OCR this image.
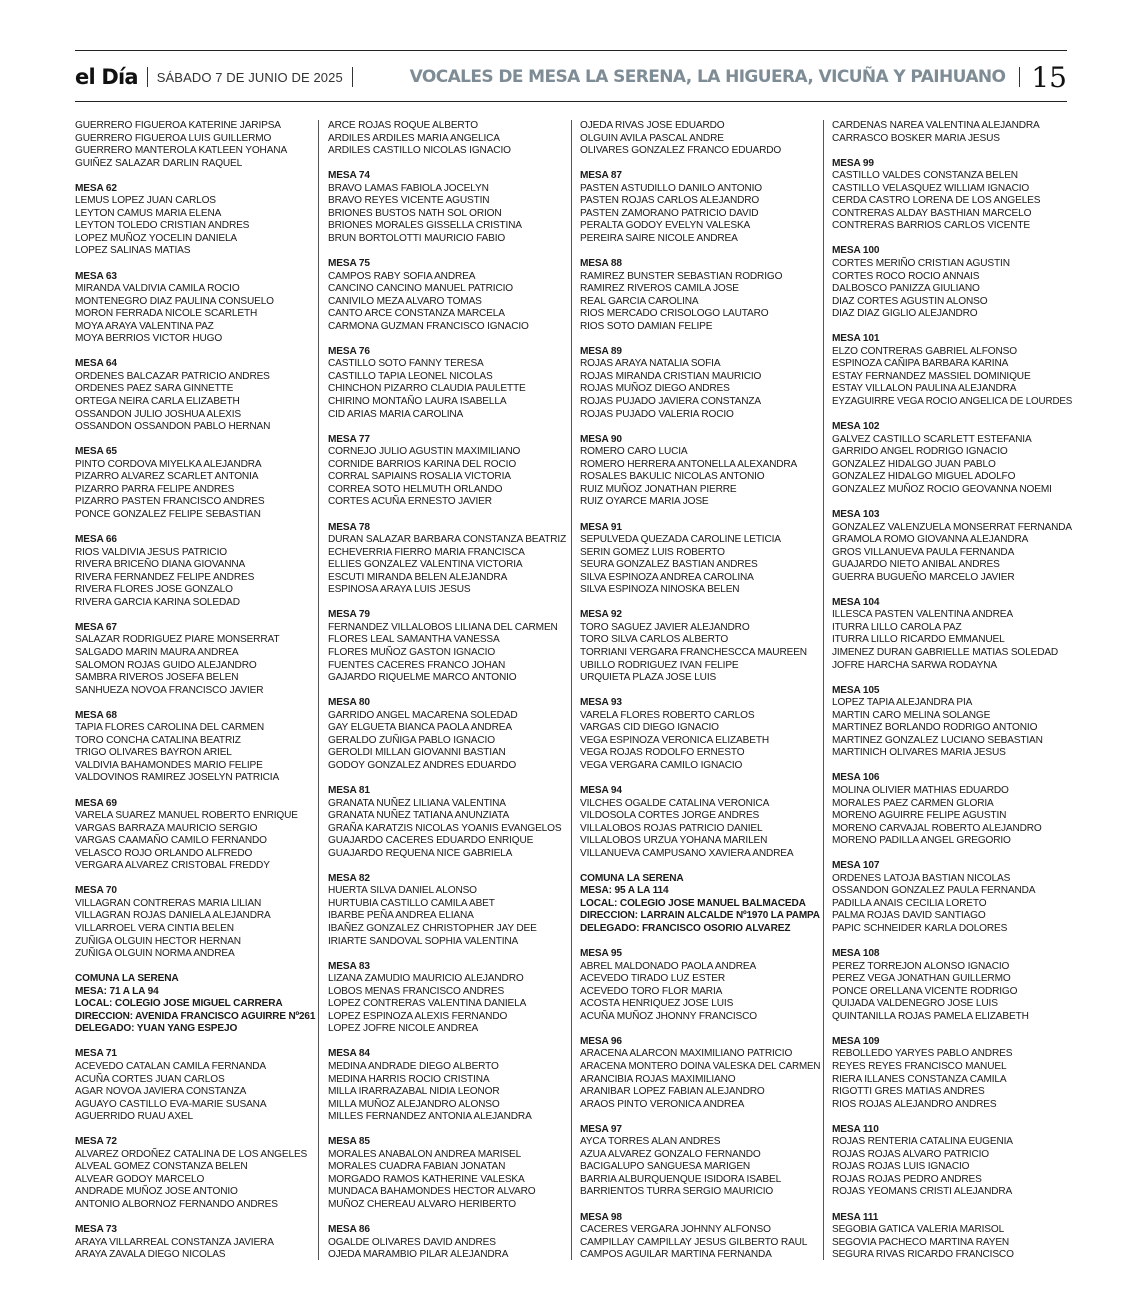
el Día SÁBADO 7 DE JUNIO DE 2025	VOCALES DE MESA LA SERENA, LA HIGUERA, VICUÑA Y PAIHUANO 15
GUERRERO FIGUEROA KATERINE JARIPSA
GUERRERO FIGUEROA LUIS GUILLERMO
GUERRERO MANTEROLA KATLEEN YOHANA
GUIÑEZ SALAZAR DARLIN RAQUEL
MESA 62
LEMUS LOPEZ JUAN CARLOS
LEYTON CAMUS MARIA ELENA
LEYTON TOLEDO CRISTIAN ANDRES
LOPEZ MUÑOZ YOCELIN DANIELA
LOPEZ SALINAS MATIAS
MESA 63
MIRANDA VALDIVIA CAMILA ROCIO
MONTENEGRO DIAZ PAULINA CONSUELO
MORON FERRADA NICOLE SCARLETH
MOYA ARAYA VALENTINA PAZ
MOYA BERRIOS VICTOR HUGO
MESA 64
ORDENES BALCAZAR PATRICIO ANDRES
ORDENES PAEZ SARA GINNETTE
ORTEGA NEIRA CARLA ELIZABETH
OSSANDON JULIO JOSHUA ALEXIS
OSSANDON OSSANDON PABLO HERNAN
MESA 65
PINTO CORDOVA MIYELKA ALEJANDRA
PIZARRO ALVAREZ SCARLET ANTONIA
PIZARRO PARRA FELIPE ANDRES
PIZARRO PASTEN FRANCISCO ANDRES
PONCE GONZALEZ FELIPE SEBASTIAN
MESA 66
RIOS VALDIVIA JESUS PATRICIO
RIVERA BRICEÑO DIANA GIOVANNA
RIVERA FERNANDEZ FELIPE ANDRES
RIVERA FLORES JOSE GONZALO
RIVERA GARCIA KARINA SOLEDAD
MESA 67
SALAZAR RODRIGUEZ PIARE MONSERRAT
SALGADO MARIN MAURA ANDREA
SALOMON ROJAS GUIDO ALEJANDRO
SAMBRA RIVEROS JOSEFA BELEN
SANHUEZA NOVOA FRANCISCO JAVIER
MESA 68
TAPIA FLORES CAROLINA DEL CARMEN
TORO CONCHA CATALINA BEATRIZ
TRIGO OLIVARES BAYRON ARIEL
VALDIVIA BAHAMONDES MARIO FELIPE
VALDOVINOS RAMIREZ JOSELYN PATRICIA
MESA 69
VARELA SUAREZ MANUEL ROBERTO ENRIQUE
VARGAS BARRAZA MAURICIO SERGIO
VARGAS CAAMAÑO CAMILO FERNANDO
VELASCO ROJO ORLANDO ALFREDO
VERGARA ALVAREZ CRISTOBAL FREDDY
MESA 70
VILLAGRAN CONTRERAS MARIA LILIAN
VILLAGRAN ROJAS DANIELA ALEJANDRA
VILLARROEL VERA CINTIA BELEN
ZUÑIGA OLGUIN HECTOR HERNAN
ZUÑIGA OLGUIN NORMA ANDREA
COMUNA LA SERENA
MESA: 71 A LA 94
LOCAL: COLEGIO JOSE MIGUEL CARRERA
DIRECCION: AVENIDA FRANCISCO AGUIRRE Nº261
DELEGADO: YUAN YANG ESPEJO
MESA 71
ACEVEDO CATALAN CAMILA FERNANDA
ACUÑA CORTES JUAN CARLOS
AGAR NOVOA JAVIERA CONSTANZA
AGUAYO CASTILLO EVA-MARIE SUSANA
AGUERRIDO RUAU AXEL
MESA 72
ALVAREZ ORDOÑEZ CATALINA DE LOS ANGELES
ALVEAL GOMEZ CONSTANZA BELEN
ALVEAR GODOY MARCELO
ANDRADE MUÑOZ JOSE ANTONIO
ANTONIO ALBORNOZ FERNANDO ANDRES
MESA 73
ARAYA VILLARREAL CONSTANZA JAVIERA
ARAYA ZAVALA DIEGO NICOLAS
ARCE ROJAS ROQUE ALBERTO
ARDILES ARDILES MARIA ANGELICA
ARDILES CASTILLO NICOLAS IGNACIO
MESA 74
BRAVO LAMAS FABIOLA JOCELYN
BRAVO REYES VICENTE AGUSTIN
BRIONES BUSTOS NATH SOL ORION
BRIONES MORALES GISSELLA CRISTINA
BRUN BORTOLOTTI MAURICIO FABIO
MESA 75
CAMPOS RABY SOFIA ANDREA
CANCINO CANCINO MANUEL PATRICIO
CANIVILO MEZA ALVARO TOMAS
CANTO ARCE CONSTANZA MARCELA
CARMONA GUZMAN FRANCISCO IGNACIO
MESA 76
CASTILLO SOTO FANNY TERESA
CASTILLO TAPIA LEONEL NICOLAS
CHINCHON PIZARRO CLAUDIA PAULETTE
CHIRINO MONTAÑO LAURA ISABELLA
CID ARIAS MARIA CAROLINA
MESA 77
CORNEJO JULIO AGUSTIN MAXIMILIANO
CORNIDE BARRIOS KARINA DEL ROCIO
CORRAL SAPIAINS ROSALIA VICTORIA
CORREA SOTO HELMUTH ORLANDO
CORTES ACUÑA ERNESTO JAVIER
MESA 78
DURAN SALAZAR BARBARA CONSTANZA BEATRIZ
ECHEVERRIA FIERRO MARIA FRANCISCA
ELLIES GONZALEZ VALENTINA VICTORIA
ESCUTI MIRANDA BELEN ALEJANDRA
ESPINOSA ARAYA LUIS JESUS
MESA 79
FERNANDEZ VILLALOBOS LILIANA DEL CARMEN
FLORES LEAL SAMANTHA VANESSA
FLORES MUÑOZ GASTON IGNACIO
FUENTES CACERES FRANCO JOHAN
GAJARDO RIQUELME MARCO ANTONIO
MESA 80
GARRIDO ANGEL MACARENA SOLEDAD
GAY ELGUETA BIANCA PAOLA ANDREA
GERALDO ZUÑIGA PABLO IGNACIO
GEROLDI MILLAN GIOVANNI BASTIAN
GODOY GONZALEZ ANDRES EDUARDO
MESA 81
GRANATA NUÑEZ LILIANA VALENTINA
GRANATA NUÑEZ TATIANA ANUNZIATA
GRAÑA KARATZIS NICOLAS YOANIS EVANGELOS
GUAJARDO CACERES EDUARDO ENRIQUE
GUAJARDO REQUENA NICE GABRIELA
MESA 82
HUERTA SILVA DANIEL ALONSO
HURTUBIA CASTILLO CAMILA ABET
IBARBE PEÑA ANDREA ELIANA
IBAÑEZ GONZALEZ CHRISTOPHER JAY DEE
IRIARTE SANDOVAL SOPHIA VALENTINA
MESA 83
LIZANA ZAMUDIO MAURICIO ALEJANDRO
LOBOS MENAS FRANCISCO ANDRES
LOPEZ CONTRERAS VALENTINA DANIELA
LOPEZ ESPINOZA ALEXIS FERNANDO
LOPEZ JOFRE NICOLE ANDREA
MESA 84
MEDINA ANDRADE DIEGO ALBERTO
MEDINA HARRIS ROCIO CRISTINA
MILLA IRARRAZABAL NIDIA LEONOR
MILLA MUÑOZ ALEJANDRO ALONSO
MILLES FERNANDEZ ANTONIA ALEJANDRA
MESA 85
MORALES ANABALON ANDREA MARISEL
MORALES CUADRA FABIAN JONATAN
MORGADO RAMOS KATHERINE VALESKA
MUNDACA BAHAMONDES HECTOR ALVARO
MUÑOZ CHEREAU ALVARO HERIBERTO
MESA 86
OGALDE OLIVARES DAVID ANDRES
OJEDA MARAMBIO PILAR ALEJANDRA
OJEDA RIVAS JOSE EDUARDO
OLGUIN AVILA PASCAL ANDRE
OLIVARES GONZALEZ FRANCO EDUARDO
MESA 87
PASTEN ASTUDILLO DANILO ANTONIO
PASTEN ROJAS CARLOS ALEJANDRO
PASTEN ZAMORANO PATRICIO DAVID
PERALTA GODOY EVELYN VALESKA
PEREIRA SAIRE NICOLE ANDREA
MESA 88
RAMIREZ BUNSTER SEBASTIAN RODRIGO
RAMIREZ RIVEROS CAMILA JOSE
REAL GARCIA CAROLINA
RIOS MERCADO CRISOLOGO LAUTARO
RIOS SOTO DAMIAN FELIPE
MESA 89
ROJAS ARAYA NATALIA SOFIA
ROJAS MIRANDA CRISTIAN MAURICIO
ROJAS MUÑOZ DIEGO ANDRES
ROJAS PUJADO JAVIERA CONSTANZA
ROJAS PUJADO VALERIA ROCIO
MESA 90
ROMERO CARO LUCIA
ROMERO HERRERA ANTONELLA ALEXANDRA
ROSALES BAKULIC NICOLAS ANTONIO
RUIZ MUÑOZ JONATHAN PIERRE
RUIZ OYARCE MARIA JOSE
MESA 91
SEPULVEDA QUEZADA CAROLINE LETICIA
SERIN GOMEZ LUIS ROBERTO
SEURA GONZALEZ BASTIAN ANDRES
SILVA ESPINOZA ANDREA CAROLINA
SILVA ESPINOZA NINOSKA BELEN
MESA 92
TORO SAGUEZ JAVIER ALEJANDRO
TORO SILVA CARLOS ALBERTO
TORRIANI VERGARA FRANCHESCCA MAUREEN
UBILLO RODRIGUEZ IVAN FELIPE
URQUIETA PLAZA JOSE LUIS
MESA 93
VARELA FLORES ROBERTO CARLOS
VARGAS CID DIEGO IGNACIO
VEGA ESPINOZA VERONICA ELIZABETH
VEGA ROJAS RODOLFO ERNESTO
VEGA VERGARA CAMILO IGNACIO
MESA 94
VILCHES OGALDE CATALINA VERONICA
VILDOSOLA CORTES JORGE ANDRES
VILLALOBOS ROJAS PATRICIO DANIEL
VILLALOBOS URZUA YOHANA MARILEN
VILLANUEVA CAMPUSANO XAVIERA ANDREA
COMUNA LA SERENA
MESA: 95 A LA 114
LOCAL: COLEGIO JOSE MANUEL BALMACEDA
DIRECCION: LARRAIN ALCALDE Nº1970 LA PAMPA
DELEGADO: FRANCISCO OSORIO ALVAREZ
MESA 95
ABREL MALDONADO PAOLA ANDREA
ACEVEDO TIRADO LUZ ESTER
ACEVEDO TORO FLOR MARIA
ACOSTA HENRIQUEZ JOSE LUIS
ACUÑA MUÑOZ JHONNY FRANCISCO
MESA 96
ARACENA ALARCON MAXIMILIANO PATRICIO
ARACENA MONTERO DOINA VALESKA DEL CARMEN
ARANCIBIA ROJAS MAXIMILIANO
ARANIBAR LOPEZ FABIAN ALEJANDRO
ARAOS PINTO VERONICA ANDREA
MESA 97
AYCA TORRES ALAN ANDRES
AZUA ALVAREZ GONZALO FERNANDO
BACIGALUPO SANGUESA MARIGEN
BARRIA ALBURQUENQUE ISIDORA ISABEL
BARRIENTOS TURRA SERGIO MAURICIO
MESA 98
CACERES VERGARA JOHNNY ALFONSO
CAMPILLAY CAMPILLAY JESUS GILBERTO RAUL
CAMPOS AGUILAR MARTINA FERNANDA
CARDENAS NAREA VALENTINA ALEJANDRA
CARRASCO BOSKER MARIA JESUS
MESA 99
CASTILLO VALDES CONSTANZA BELEN
CASTILLO VELASQUEZ WILLIAM IGNACIO
CERDA CASTRO LORENA DE LOS ANGELES
CONTRERAS ALDAY BASTHIAN MARCELO
CONTRERAS BARRIOS CARLOS VICENTE
MESA 100
CORTES MERIÑO CRISTIAN AGUSTIN
CORTES ROCO ROCIO ANNAIS
DALBOSCO PANIZZA GIULIANO
DIAZ CORTES AGUSTIN ALONSO
DIAZ DIAZ GIGLIO ALEJANDRO
MESA 101
ELZO CONTRERAS GABRIEL ALFONSO
ESPINOZA CAÑIPA BARBARA KARINA
ESTAY FERNANDEZ MASSIEL DOMINIQUE
ESTAY VILLALON PAULINA ALEJANDRA
EYZAGUIRRE VEGA ROCIO ANGELICA DE LOURDES
MESA 102
GALVEZ CASTILLO SCARLETT ESTEFANIA
GARRIDO ANGEL RODRIGO IGNACIO
GONZALEZ HIDALGO JUAN PABLO
GONZALEZ HIDALGO MIGUEL ADOLFO
GONZALEZ MUÑOZ ROCIO GEOVANNA NOEMI
MESA 103
GONZALEZ VALENZUELA MONSERRAT FERNANDA
GRAMOLA ROMO GIOVANNA ALEJANDRA
GROS VILLANUEVA PAULA FERNANDA
GUAJARDO NIETO ANIBAL ANDRES
GUERRA BUGUEÑO MARCELO JAVIER
MESA 104
ILLESCA PASTEN VALENTINA ANDREA
ITURRA LILLO CAROLA PAZ
ITURRA LILLO RICARDO EMMANUEL
JIMENEZ DURAN GABRIELLE MATIAS SOLEDAD
JOFRE HARCHA SARWA RODAYNA
MESA 105
LOPEZ TAPIA ALEJANDRA PIA
MARTIN CARO MELINA SOLANGE
MARTINEZ BORLANDO RODRIGO ANTONIO
MARTINEZ GONZALEZ LUCIANO SEBASTIAN
MARTINICH OLIVARES MARIA JESUS
MESA 106
MOLINA OLIVIER MATHIAS EDUARDO
MORALES PAEZ CARMEN GLORIA
MORENO AGUIRRE FELIPE AGUSTIN
MORENO CARVAJAL ROBERTO ALEJANDRO
MORENO PADILLA ANGEL GREGORIO
MESA 107
ORDENES LATOJA BASTIAN NICOLAS
OSSANDON GONZALEZ PAULA FERNANDA
PADILLA ANAIS CECILIA LORETO
PALMA ROJAS DAVID SANTIAGO
PAPIC SCHNEIDER KARLA DOLORES
MESA 108
PEREZ TORREJON ALONSO IGNACIO
PEREZ VEGA JONATHAN GUILLERMO
PONCE ORELLANA VICENTE RODRIGO
QUIJADA VALDENEGRO JOSE LUIS
QUINTANILLA ROJAS PAMELA ELIZABETH
MESA 109
REBOLLEDO YARYES PABLO ANDRES
REYES REYES FRANCISCO MANUEL
RIERA ILLANES CONSTANZA CAMILA
RIGOTTI GRES MATIAS ANDRES
RIOS ROJAS ALEJANDRO ANDRES
MESA 110
ROJAS RENTERIA CATALINA EUGENIA
ROJAS ROJAS ALVARO PATRICIO
ROJAS ROJAS LUIS IGNACIO
ROJAS ROJAS PEDRO ANDRES
ROJAS YEOMANS CRISTI ALEJANDRA
MESA 111
SEGOBIA GATICA VALERIA MARISOL
SEGOVIA PACHECO MARTINA RAYEN
SEGURA RIVAS RICARDO FRANCISCO
